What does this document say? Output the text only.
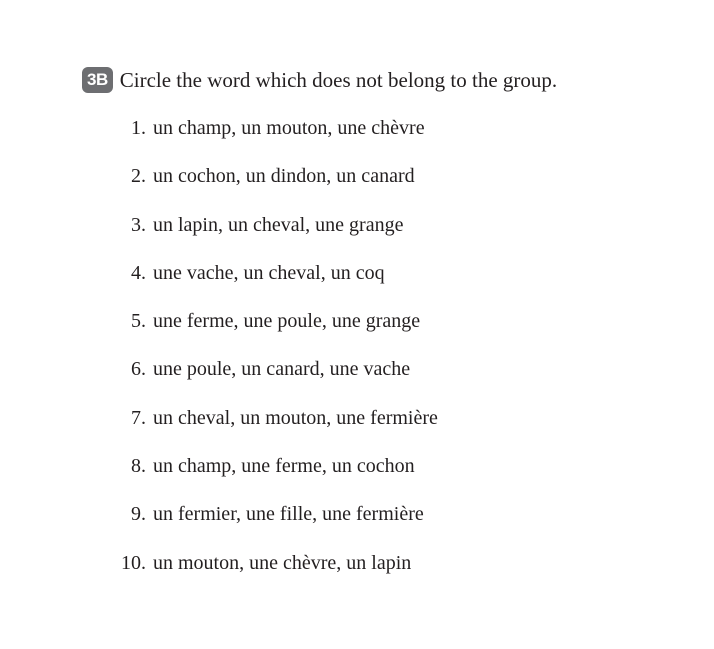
3B Circle the word which does not belong to the group.
1. un champ, un mouton, une chèvre
2. un cochon, un dindon, un canard
3. un lapin, un cheval, une grange
4. une vache, un cheval, un coq
5. une ferme, une poule, une grange
6. une poule, un canard, une vache
7. un cheval, un mouton, une fermière
8. un champ, une ferme, un cochon
9. un fermier, une fille, une fermière
10. un mouton, une chèvre, un lapin
